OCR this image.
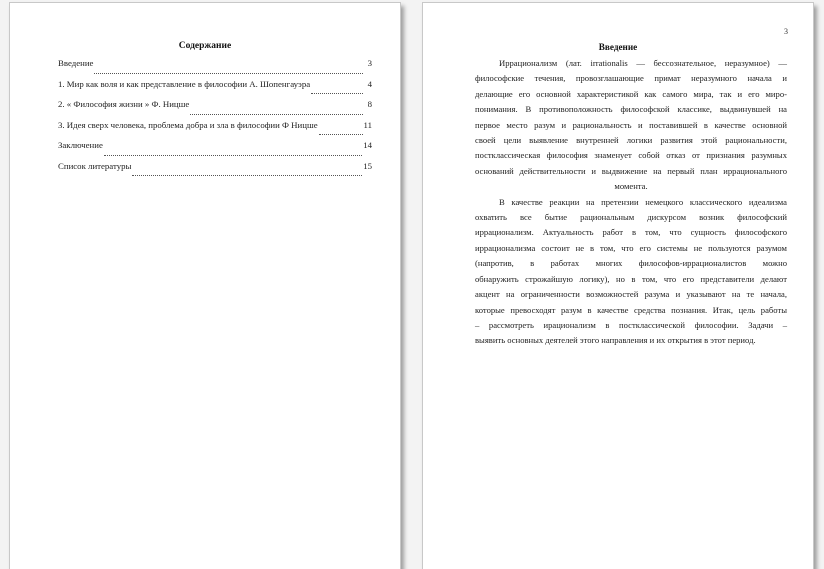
Содержание
Введение	3
1. Мир как воля и как представление в философии А. Шопенгауэра	4
2. « Философия жизни » Ф. Ницше	8
3. Идея сверх человека, проблема добра и зла в философии Ф Ницше	11
Заключение	14
Список литературы	15
3
Введение
Иррационализм (лат. irrationalis — бессознательное, неразумное) —
философские течения, провозглашающие примат неразумного начала и
делающие его основной характеристикой как самого мира, так и его миро-
понимания. В противоположность философской классике, выдвинувшей на
первое место разум и рациональность и поставившей в качестве основной
своей цели выявление внутренней логики развития этой рациональности,
постклассическая философия знаменует собой отказ от признания разумных
оснований действительности и выдвижение на первый план иррационального
момента.
В качестве реакции на претензии немецкого классического идеализма
охватить все бытие рациональным дискурсом возник философский
иррационализм. Актуальность работ в том, что сущность философского
иррационализма состоит не в том, что его системы не пользуются разумом
(напротив, в работах многих философов-иррационалистов можно
обнаружить строжайшую логику), но в том, что его представители делают
акцент на ограниченности возможностей разума и указывают на те начала,
которые превосходят разум в качестве средства познания. Итак, цель работы
– рассмотреть ирационализм в постклассической философии. Задачи –
выявить основных деятелей этого направления и их открытия в этот период.
